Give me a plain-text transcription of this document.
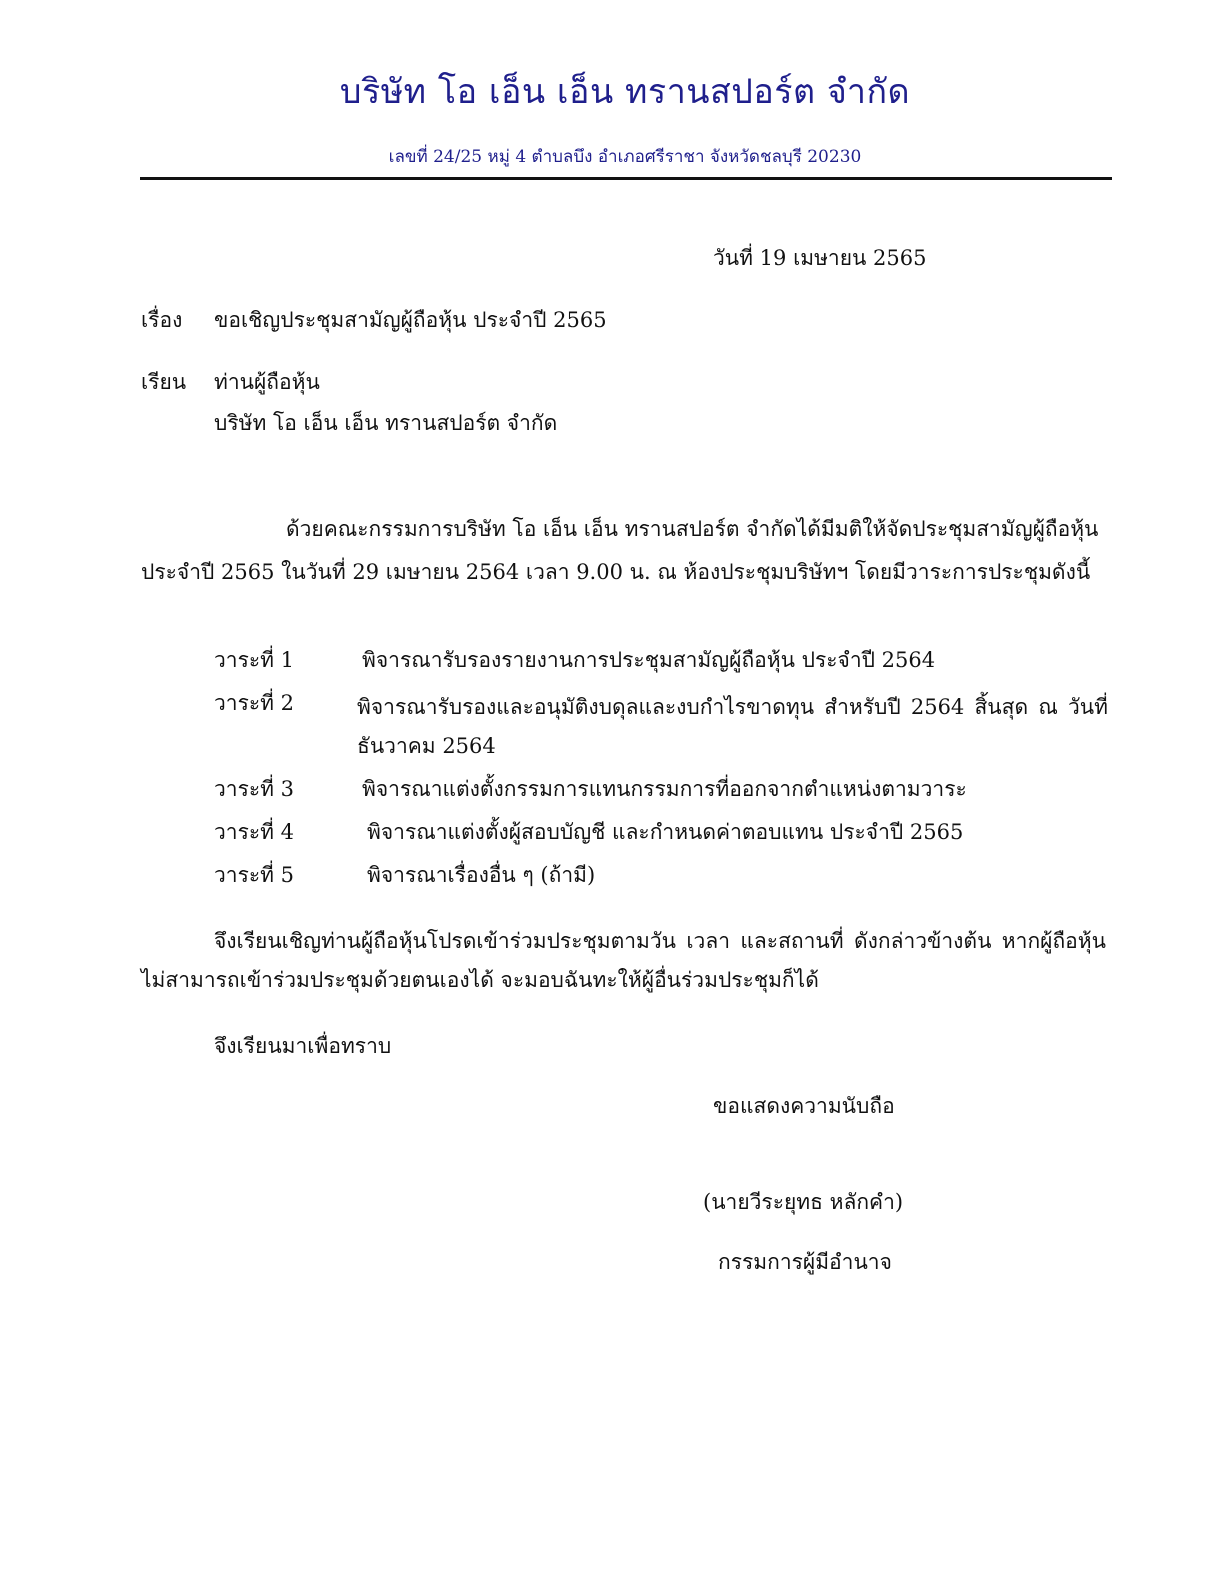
บริษัท โอ เอ็น เอ็น ทรานสปอร์ต จำกัด
เลขที่ 24/25 หมู่ 4 ตำบลบึง อำเภอศรีราชา จังหวัดชลบุรี 20230
วันที่ 19 เมษายน 2565
เรื่อง ขอเชิญประชุมสามัญผู้ถือหุ้น ประจำปี 2565
เรียน ท่านผู้ถือหุ้น
บริษัท โอ เอ็น เอ็น ทรานสปอร์ต จำกัด
ด้วยคณะกรรมการบริษัท โอ เอ็น เอ็น ทรานสปอร์ต จำกัดได้มีมติให้จัดประชุมสามัญผู้ถือหุ้น
ประจำปี 2565 ในวันที่ 29 เมษายน 2564 เวลา 9.00 น. ณ ห้องประชุมบริษัทฯ โดยมีวาระการประชุมดังนี้
วาระที่ 1	พิจารณารับรองรายงานการประชุมสามัญผู้ถือหุ้น ประจำปี 2564
วาระที่ 2	พิจารณารับรองและอนุมัติงบดุลและงบกำไรขาดทุน สำหรับปี 2564 สิ้นสุด ณ วันที่
ธันวาคม 2564
วาระที่ 3	พิจารณาแต่งตั้งกรรมการแทนกรรมการที่ออกจากตำแหน่งตามวาระ
วาระที่ 4	พิจารณาแต่งตั้งผู้สอบบัญชี และกำหนดค่าตอบแทน ประจำปี 2565
วาระที่ 5	พิจารณาเรื่องอื่น ๆ (ถ้ามี)
จึงเรียนเชิญท่านผู้ถือหุ้นโปรดเข้าร่วมประชุมตามวัน เวลา และสถานที่ ดังกล่าวข้างต้น หากผู้ถือหุ้น
ไม่สามารถเข้าร่วมประชุมด้วยตนเองได้ จะมอบฉันทะให้ผู้อื่นร่วมประชุมก็ได้
จึงเรียนมาเพื่อทราบ
ขอแสดงความนับถือ
(นายวีระยุทธ หลักคำ)
กรรมการผู้มีอำนาจ
